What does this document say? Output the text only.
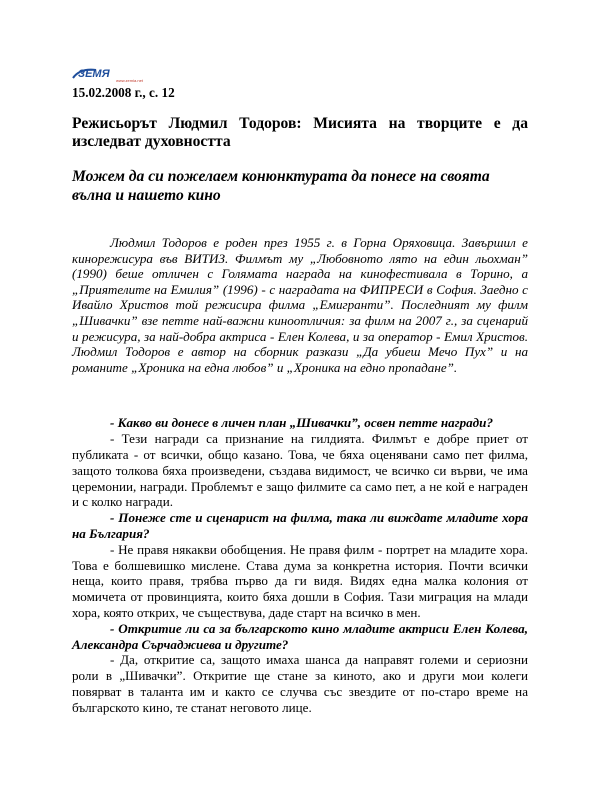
ЗЕМЯ
www.zemia.net
15.02.2008 г., с. 12
Режисьорът Людмил Тодоров: Мисията на творците е да изследват духовността
Можем да си пожелаем конюнктурата да понесе на своята вълна и нашето кино
Людмил Тодоров е роден през 1955 г. в Горна Оряховица. Завършил е кинорежисура във ВИТИЗ. Филмът му „Любовното лято на един льохман” (1990) беше отличен с Голямата награда на кинофестивала в Торино, а „Приятелите на Емилия” (1996) - с наградата на ФИПРЕСИ в София. Заедно с Ивайло Христов той режисира филма „Емигранти”. Последният му филм „Шивачки” взе петте най-важни киноотличия: за филм на 2007 г., за сценарий и режисура, за най-добра актриса - Елен Колева, и за оператор - Емил Христов. Людмил Тодоров е автор на сборник разкази „Да убиеш Мечо Пух” и на романите „Хроника на една любов” и „Хроника на едно пропадане”.

- Какво ви донесе в личен план „Шивачки”, освен петте награди?

- Тези награди са признание на гилдията. Филмът е добре приет от публиката - от всички, общо казано. Това, че бяха оценявани само пет филма, защото толкова бяха произведени, създава видимост, че всичко си върви, че има церемонии, награди. Проблемът е защо филмите са само пет, а не кой е награден и с колко награди.

- Понеже сте и сценарист на филма, така ли виждате младите хора на България?

- Не правя някакви обобщения. Не правя филм - портрет на младите хора. Това е болшевишко мислене. Става дума за конкретна история. Почти всички неща, които правя, трябва първо да ги видя. Видях една малка колония от момичета от провинцията, които бяха дошли в София. Тази миграция на млади хора, която открих, че съществува, даде старт на всичко в мен.

- Откритие ли са за българското кино младите актриси Елен Колева, Александра Сърчаджиева и другите?

- Да, откритие са, защото имаха шанса да направят големи и сериозни роли в „Шивачки”. Откритие ще стане за киното, ако и други мои колеги повярват в таланта им и както се случва със звездите от по-старо време на българското кино, те станат неговото лице.
